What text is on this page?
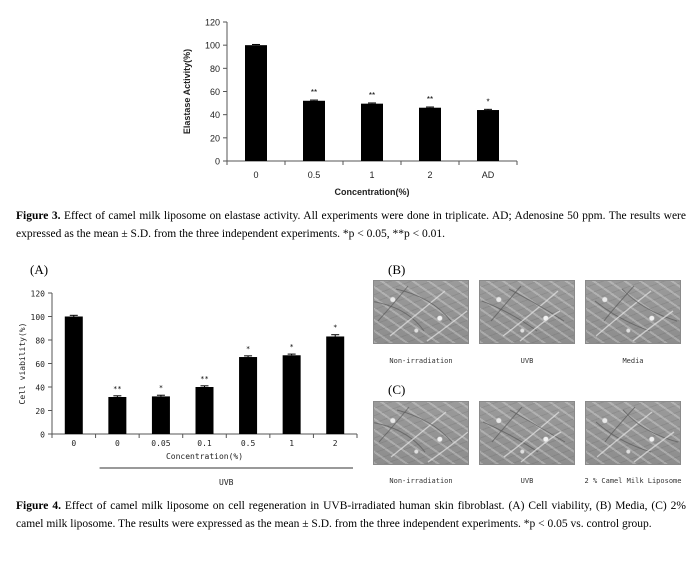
0
20
40
60
80
100
120
0
**
0.5
**
1
**
2
*
AD
Concentration(%)
Elastase Activity(%)
Figure 3. Effect of camel milk liposome on elastase activity. All experiments were done in triplicate. AD; Adenosine 50 ppm. The results were expressed as the mean ± S.D. from the three independent experiments. *p < 0.05, **p < 0.01.
(A)
0
20
40
60
80
100
120
0
**
0
*
0.05
**
0.1
*
0.5
*
1
*
2
Concentration(%)
Cell viability(%)
UVB
(B)
Non-irradiation	UVB	Media
(C)
Non-irradiation	UVB	2 % Camel Milk Liposome
Figure 4. Effect of camel milk liposome on cell regeneration in UVB-irradiated human skin fibroblast. (A) Cell viability, (B) Media, (C) 2% camel milk liposome. The results were expressed as the mean ± S.D. from the three independent experiments. *p < 0.05 vs. control group.
